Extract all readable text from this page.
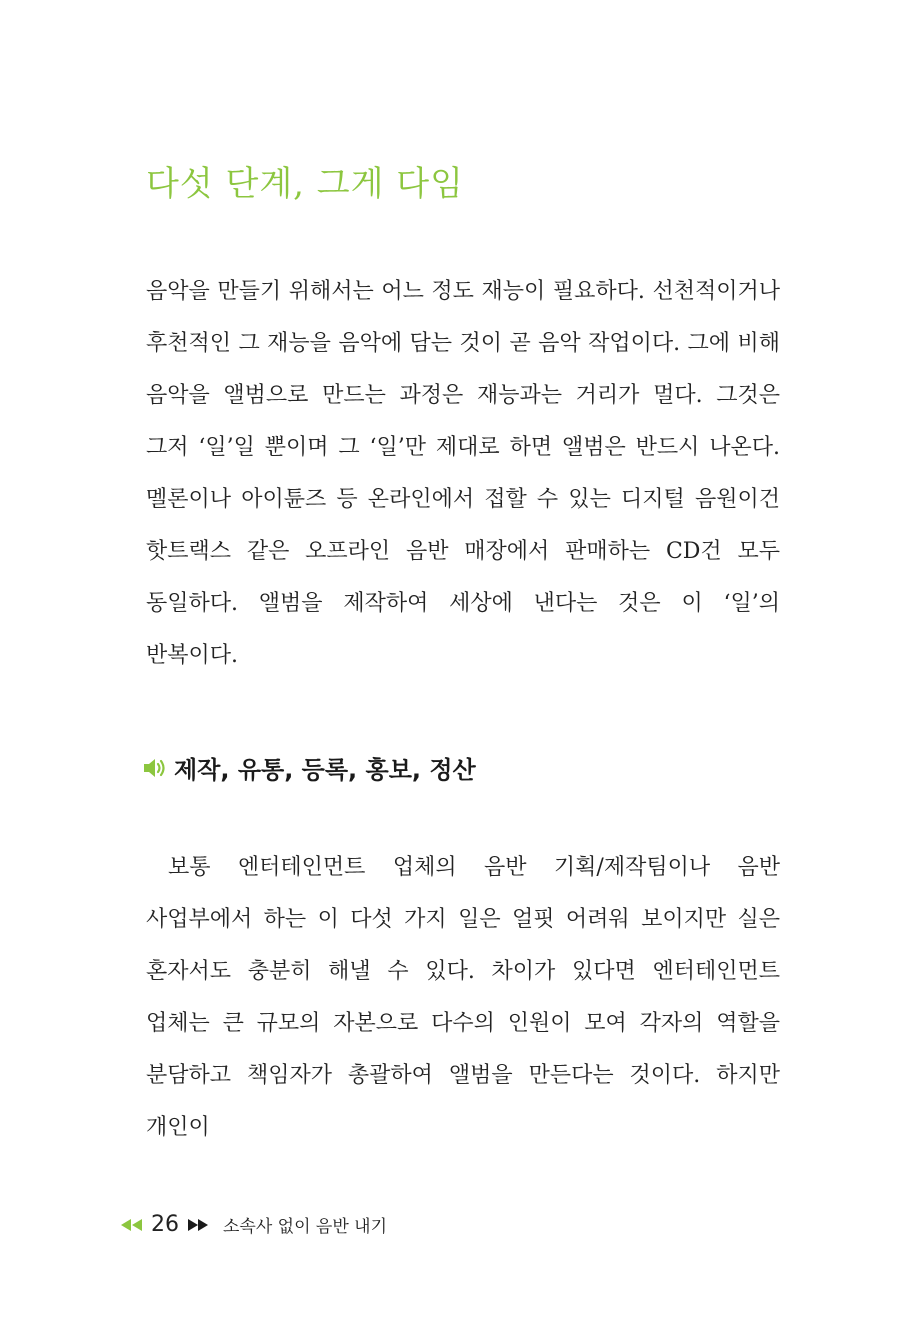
다섯 단계, 그게 다임

음악을 만들기 위해서는 어느 정도 재능이 필요하다. 선천적이거나 후천적인 그 재능을 음악에 담는 것이 곧 음악 작업이다. 그에 비해 음악을 앨범으로 만드는 과정은 재능과는 거리가 멀다. 그것은 그저 ‘일’일 뿐이며 그 ‘일’만 제대로 하면 앨범은 반드시 나온다. 멜론이나 아이튠즈 등 온라인에서 접할 수 있는 디지털 음원이건 핫트랙스 같은 오프라인 음반 매장에서 판매하는 CD건 모두 동일하다. 앨범을 제작하여 세상에 낸다는 것은 이 ‘일’의 반복이다.

제작, 유통, 등록, 홍보, 정산

보통 엔터테인먼트 업체의 음반 기획/제작팀이나 음반 사업부에서 하는 이 다섯 가지 일은 얼핏 어려워 보이지만 실은 혼자서도 충분히 해낼 수 있다. 차이가 있다면 엔터테인먼트 업체는 큰 규모의 자본으로 다수의 인원이 모여 각자의 역할을 분담하고 책임자가 총괄하여 앨범을 만든다는 것이다. 하지만 개인이

26	소속사 없이 음반 내기
